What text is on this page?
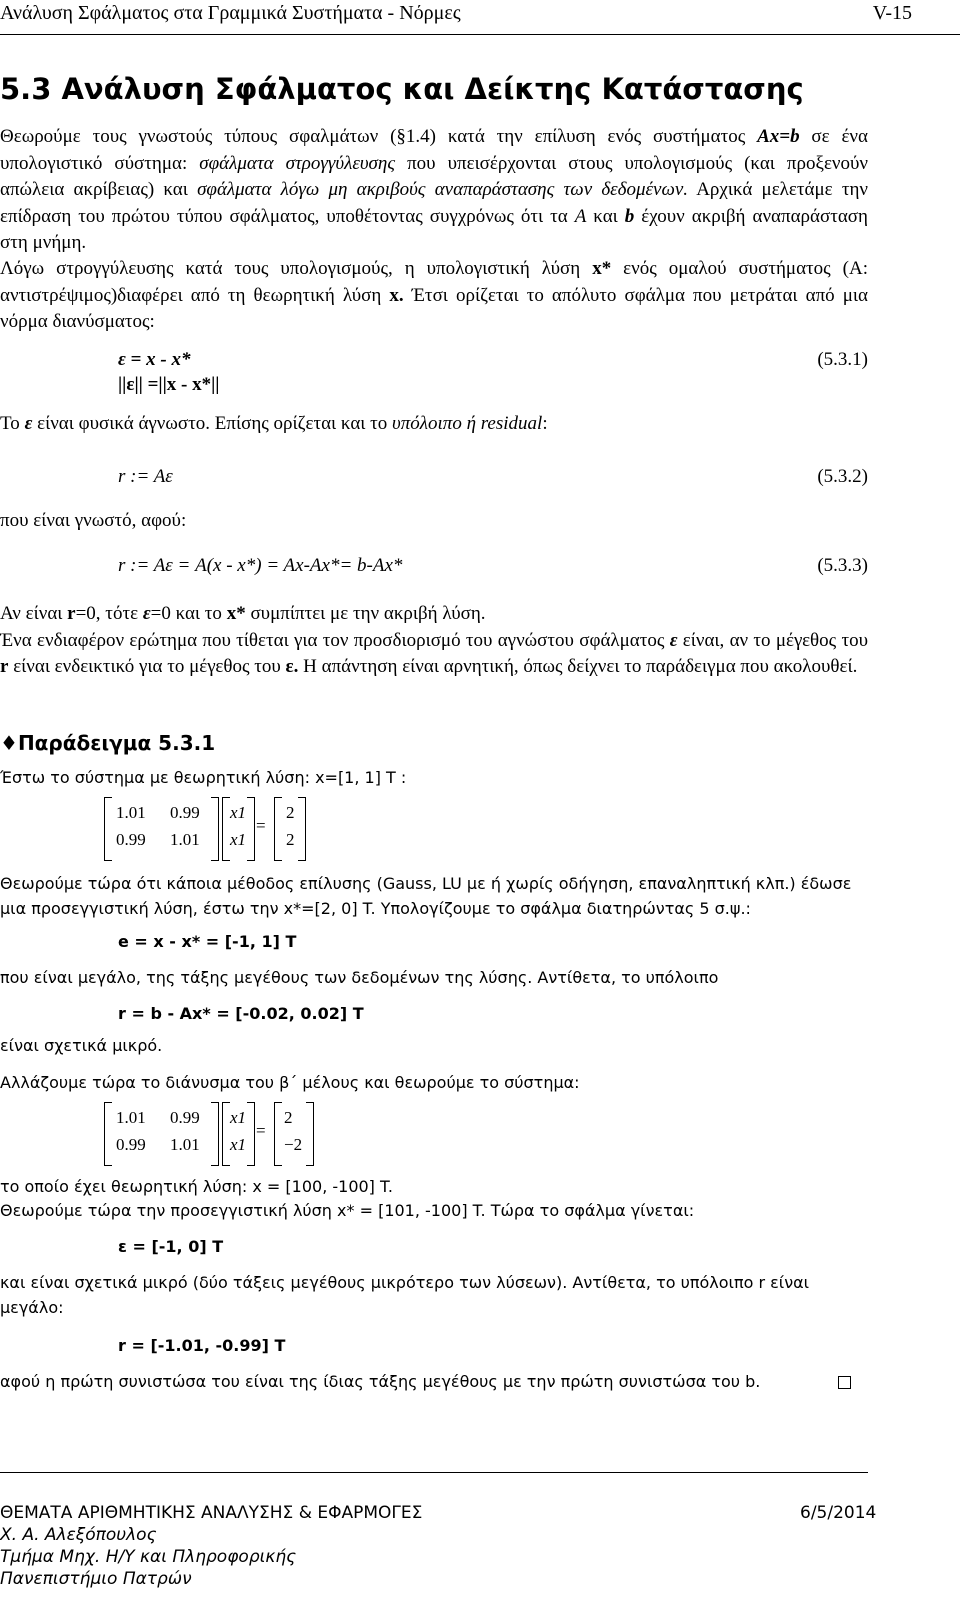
Ανάλυση Σφάλματος στα Γραμμικά Συστήματα - Νόρμες	V-15
5.3 Ανάλυση Σφάλματος και Δείκτης Κατάστασης

Θεωρούμε τους γνωστούς τύπους σφαλμάτων (§1.4) κατά την επίλυση ενός συστήματος Ax=b σε ένα υπολογιστικό σύστημα: σφάλματα στρογγύλευσης που υπεισέρχονται στους υπολογισμούς (και προξενούν απώλεια ακρίβειας) και σφάλματα λόγω μη ακριβούς αναπαράστασης των δεδομένων. Αρχικά μελετάμε την επίδραση του πρώτου τύπου σφάλματος, υποθέτοντας συγχρόνως ότι τα A και b έχουν ακριβή αναπαράσταση στη μνήμη.

Λόγω στρογγύλευσης κατά τους υπολογισμούς, η υπολογιστική λύση x* ενός ομαλού συστήματος (Α: αντιστρέψιμος)διαφέρει από τη θεωρητική λύση x. Έτσι ορίζεται το απόλυτο σφάλμα που μετράται από μια νόρμα διανύσματος:

ε = x - x*	(5.3.1)
||ε|| =||x - x*||

Το ε είναι φυσικά άγνωστο. Επίσης ορίζεται και το υπόλοιπο ή residual:

r := Aε	(5.3.2)
που είναι γνωστό, αφού:
r := Aε = A(x - x*) = Ax-Ax*= b-Ax*	(5.3.3)

Αν είναι r=0, τότε ε=0 και το x* συμπίπτει με την ακριβή λύση.

Ένα ενδιαφέρον ερώτημα που τίθεται για τον προσδιορισμό του αγνώστου σφάλματος ε είναι, αν το μέγεθος του r είναι ενδεικτικό για το μέγεθος του ε. Η απάντηση είναι αρνητική, όπως δείχνει το παράδειγμα που ακολουθεί.

♦Παράδειγμα 5.3.1
Έστω το σύστημα με θεωρητική λύση: x=[1, 1] T :
1.01 0.99
0.99 1.01
x1
x1
=
2
2
Θεωρούμε τώρα ότι κάποια μέθοδος επίλυσης (Gauss, LU με ή χωρίς οδήγηση, επαναληπτική κλπ.) έδωσε μια προσεγγιστική λύση, έστω την x*=[2, 0] T. Υπολογίζουμε το σφάλμα διατηρώντας 5 σ.ψ.:
e = x - x* = [-1, 1] T
που είναι μεγάλο, της τάξης μεγέθους των δεδομένων της λύσης. Αντίθετα, το υπόλοιπο
r = b - Ax* = [-0.02, 0.02] T
είναι σχετικά μικρό.
Αλλάζουμε τώρα το διάνυσμα του β΄ μέλους και θεωρούμε το σύστημα:
1.01 0.99
0.99 1.01
x1
x1
=
2
−2
το οποίο έχει θεωρητική λύση: x = [100, -100] T.
Θεωρούμε τώρα την προσεγγιστική λύση x* = [101, -100] T. Τώρα το σφάλμα γίνεται:
ε = [-1, 0] T
και είναι σχετικά μικρό (δύο τάξεις μεγέθους μικρότερο των λύσεων). Αντίθετα, το υπόλοιπο r είναι μεγάλο:
r = [-1.01, -0.99] T
αφού η πρώτη συνιστώσα του είναι της ίδιας τάξης μεγέθους με την πρώτη συνιστώσα του b.
ΘΕΜΑΤΑ ΑΡΙΘΜΗΤΙΚΗΣ ΑΝΑΛΥΣΗΣ & ΕΦΑΡΜΟΓΕΣ	6/5/2014
Χ. Α. Αλεξόπουλος
Τμήμα Μηχ. Η/Υ και Πληροφορικής
Πανεπιστήμιο Πατρών
